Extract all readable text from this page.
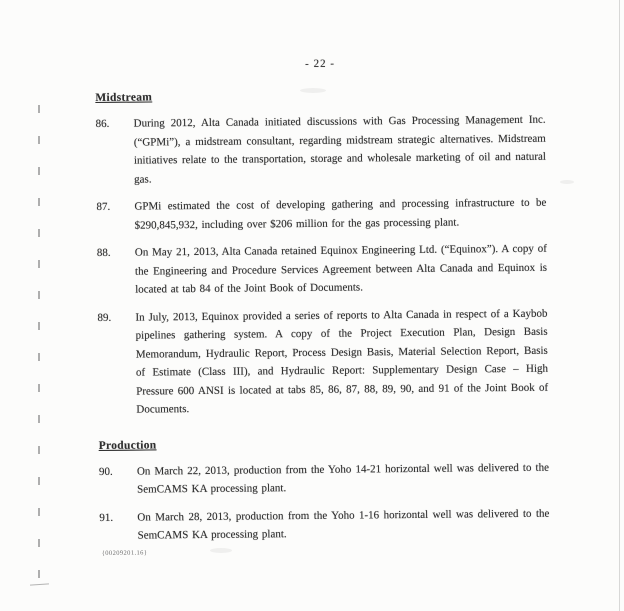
- 22 -
Midstream
86.	During 2012, Alta Canada initiated discussions with Gas Processing Management Inc. (“GPMi”), a midstream consultant, regarding midstream strategic alternatives. Midstream initiatives relate to the transportation, storage and wholesale marketing of oil and natural gas.
87.	GPMi estimated the cost of developing gathering and processing infrastructure to be $290,845,932, including over $206 million for the gas processing plant.
88.	On May 21, 2013, Alta Canada retained Equinox Engineering Ltd. (“Equinox”). A copy of the Engineering and Procedure Services Agreement between Alta Canada and Equinox is located at tab 84 of the Joint Book of Documents.
89.	In July, 2013, Equinox provided a series of reports to Alta Canada in respect of a Kaybob pipelines gathering system. A copy of the Project Execution Plan, Design Basis Memorandum, Hydraulic Report, Process Design Basis, Material Selection Report, Basis of Estimate (Class III), and Hydraulic Report: Supplementary Design Case – High Pressure 600 ANSI is located at tabs 85, 86, 87, 88, 89, 90, and 91 of the Joint Book of Documents.
Production
90.	On March 22, 2013, production from the Yoho 14-21 horizontal well was delivered to the SemCAMS KA processing plant.
91.	On March 28, 2013, production from the Yoho 1-16 horizontal well was delivered to the SemCAMS KA processing plant.
{00209201.16}
